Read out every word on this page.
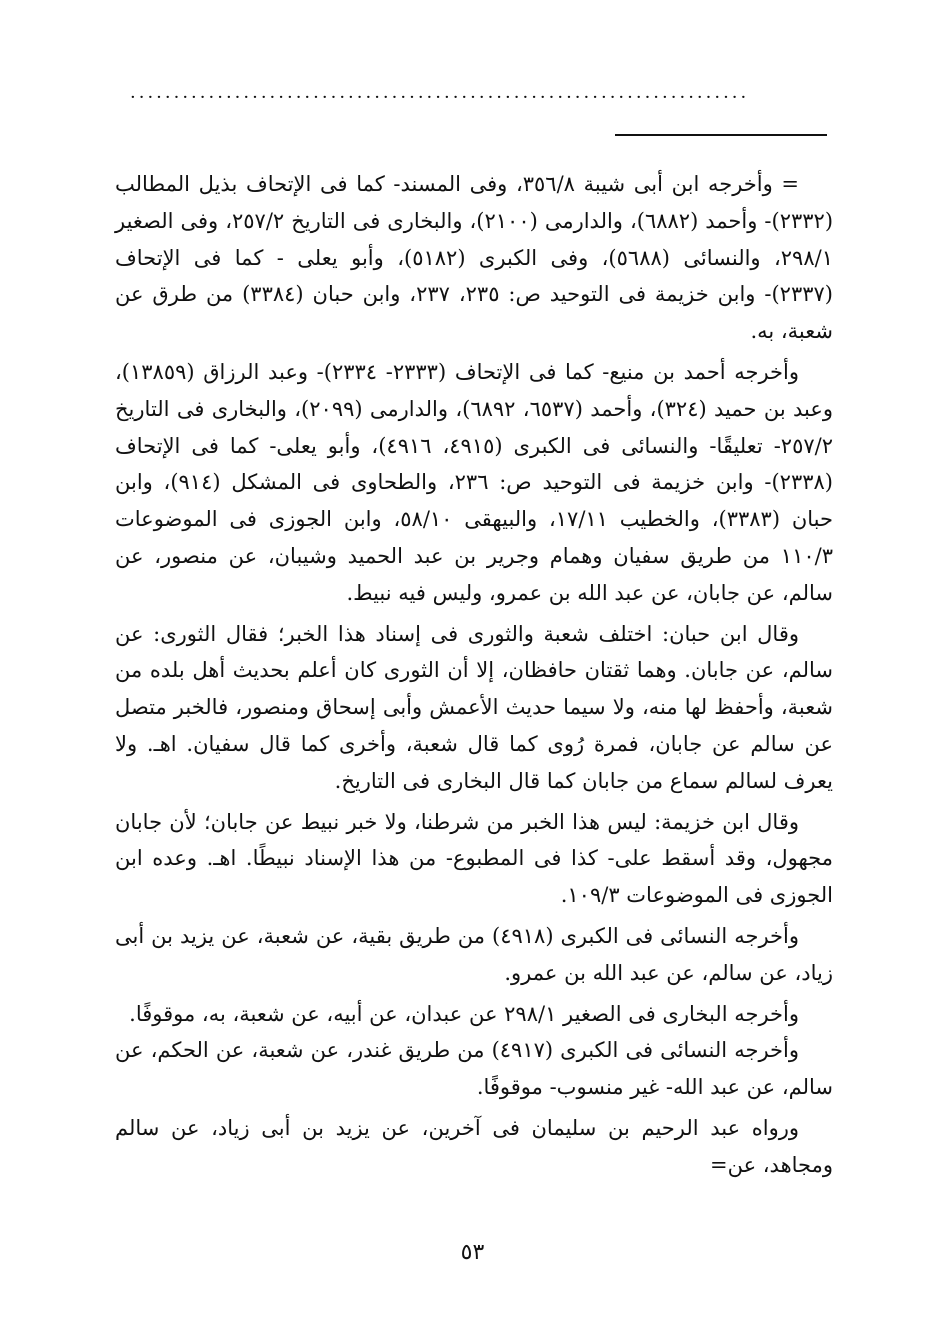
·······································································

= وأخرجه ابن أبى شيبة ٨/‏٣٥٦، وفى المسند- كما فى الإتحاف بذيل المطالب (٢٣٣٢)- وأحمد (٦٨٨٢)، والدارمى (٢١٠٠)، والبخارى فى التاريخ ٢/‏٢٥٧، وفى الصغير ١/‏٢٩٨، والنسائى (٥٦٨٨)، وفى الكبرى (٥١٨٢)، وأبو يعلى - كما فى الإتحاف (٢٣٣٧)- وابن خزيمة فى التوحيد ص: ٢٣٥، ٢٣٧، وابن حبان (٣٣٨٤) من طرق عن شعبة، به.

وأخرجه أحمد بن منيع- كما فى الإتحاف (٢٣٣٣- ٢٣٣٤)- وعبد الرزاق (١٣٨٥٩)، وعبد بن حميد (٣٢٤)، وأحمد (٦٥٣٧، ٦٨٩٢)، والدارمى (٢٠٩٩)، والبخارى فى التاريخ ٢/‏٢٥٧- تعليقًا- والنسائى فى الكبرى (٤٩١٥، ٤٩١٦)، وأبو يعلى- كما فى الإتحاف (٢٣٣٨)- وابن خزيمة فى التوحيد ص: ٢٣٦، والطحاوى فى المشكل (٩١٤)، وابن حبان (٣٣٨٣)، والخطيب ١١/‏١٧، والبيهقى ١٠/‏٥٨، وابن الجوزى فى الموضوعات ٣/‏١١٠ من طريق سفيان وهمام وجرير بن عبد الحميد وشيبان، عن منصور، عن سالم، عن جابان، عن عبد الله بن عمرو، وليس فيه نبيط.

وقال ابن حبان: اختلف شعبة والثورى فى إسناد هذا الخبر؛ فقال الثورى: عن سالم، عن جابان. وهما ثقتان حافظان، إلا أن الثورى كان أعلم بحديث أهل بلده من شعبة، وأحفظ لها منه، ولا سيما حديث الأعمش وأبى إسحاق ومنصور، فالخبر متصل عن سالم عن جابان، فمرة رُوى كما قال شعبة، وأخرى كما قال سفيان. اهـ. ولا يعرف لسالم سماع من جابان كما قال البخارى فى التاريخ.

وقال ابن خزيمة: ليس هذا الخبر من شرطنا، ولا خبر نبيط عن جابان؛ لأن جابان مجهول، وقد أسقط على- كذا فى المطبوع- من هذا الإسناد نبيطًا. اهـ. وعده ابن الجوزى فى الموضوعات ٣/‏١٠٩.

وأخرجه النسائى فى الكبرى (٤٩١٨) من طريق بقية، عن شعبة، عن يزيد بن أبى زياد، عن سالم، عن عبد الله بن عمرو.

وأخرجه البخارى فى الصغير ١/‏٢٩٨ عن عبدان، عن أبيه، عن شعبة، به، موقوفًا.

وأخرجه النسائى فى الكبرى (٤٩١٧) من طريق غندر، عن شعبة، عن الحكم، عن سالم، عن عبد الله- غير منسوب- موقوفًا.

ورواه عبد الرحيم بن سليمان فى آخرين، عن يزيد بن أبى زياد، عن سالم ومجاهد، عن=

٥٣
